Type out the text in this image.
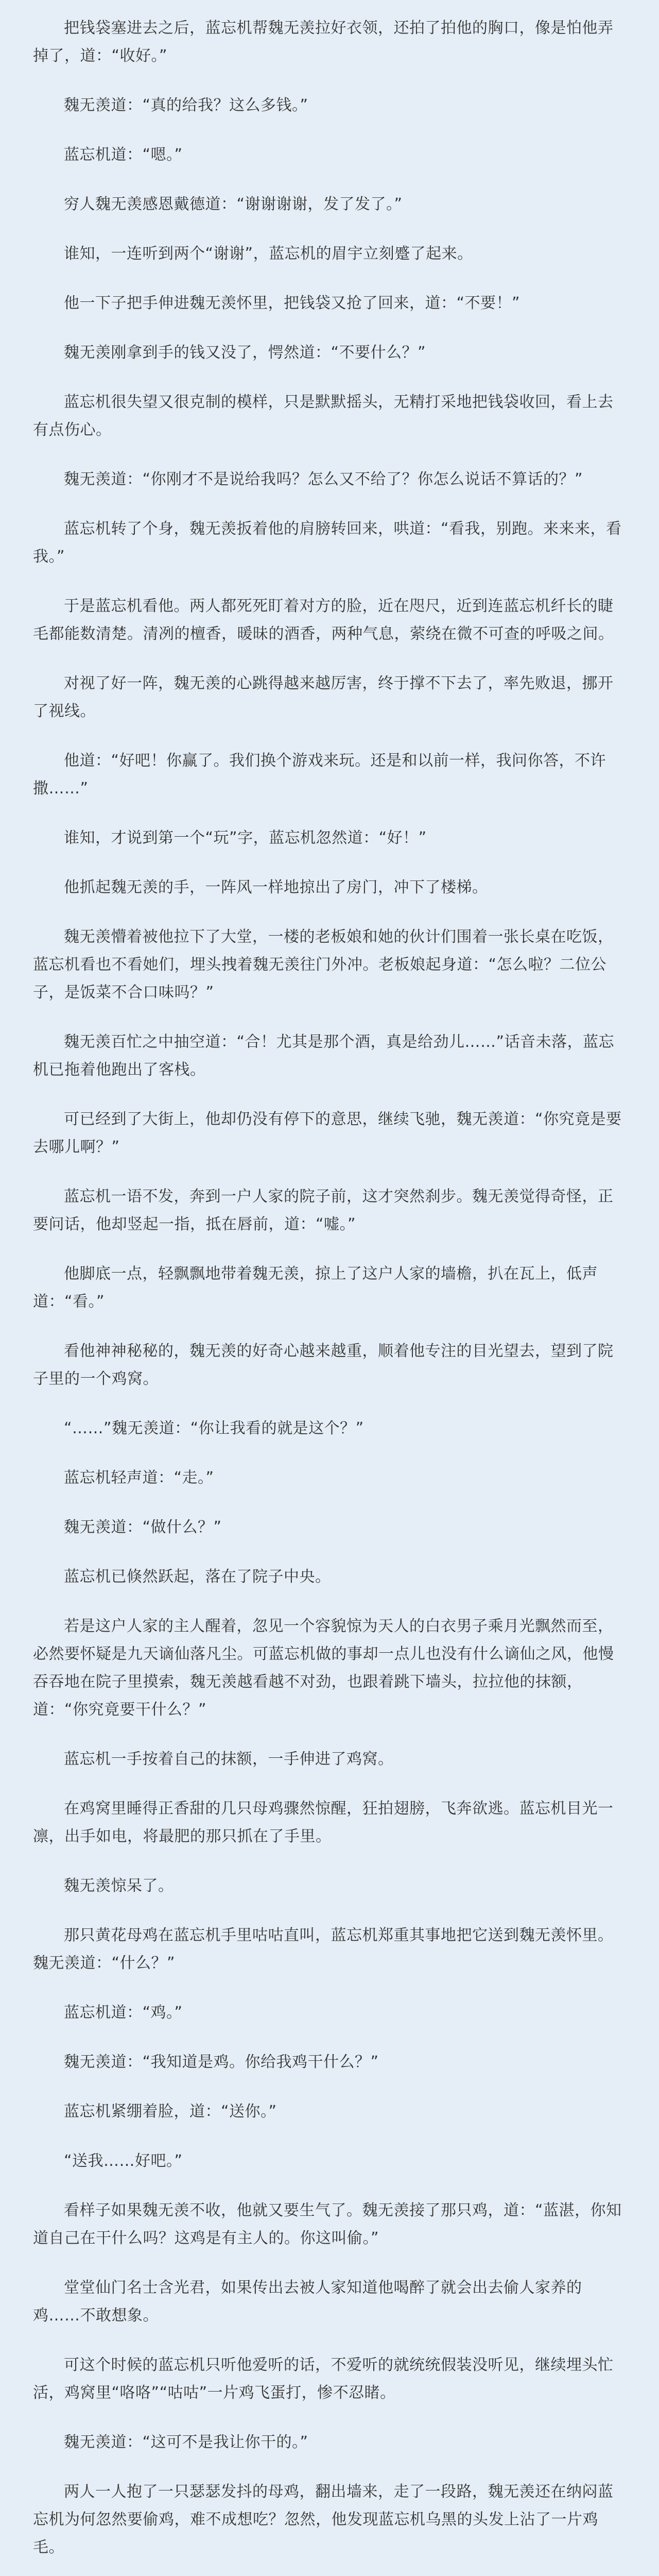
把钱袋塞进去之后，蓝忘机帮魏无羡拉好衣领，还拍了拍他的胸口，像是怕他弄掉了，道：“收好。”

魏无羡道：“真的给我？这么多钱。”

蓝忘机道：“嗯。”

穷人魏无羡感恩戴德道：“谢谢谢谢，发了发了。”

谁知，一连听到两个“谢谢”，蓝忘机的眉宇立刻蹙了起来。

他一下子把手伸进魏无羡怀里，把钱袋又抢了回来，道：“不要！”

魏无羡刚拿到手的钱又没了，愕然道：“不要什么？”

蓝忘机很失望又很克制的模样，只是默默摇头，无精打采地把钱袋收回，看上去有点伤心。

魏无羡道：“你刚才不是说给我吗？怎么又不给了？你怎么说话不算话的？”

蓝忘机转了个身，魏无羡扳着他的肩膀转回来，哄道：“看我，别跑。来来来，看我。”

于是蓝忘机看他。两人都死死盯着对方的脸，近在咫尺，近到连蓝忘机纤长的睫毛都能数清楚。清冽的檀香，暖昧的酒香，两种气息，萦绕在微不可查的呼吸之间。

对视了好一阵，魏无羡的心跳得越来越厉害，终于撑不下去了，率先败退，挪开了视线。

他道：“好吧！你赢了。我们换个游戏来玩。还是和以前一样，我问你答，不许撒……”

谁知，才说到第一个“玩”字，蓝忘机忽然道：“好！”

他抓起魏无羡的手，一阵风一样地掠出了房门，冲下了楼梯。

魏无羡懵着被他拉下了大堂，一楼的老板娘和她的伙计们围着一张长桌在吃饭，蓝忘机看也不看她们，埋头拽着魏无羡往门外冲。老板娘起身道：“怎么啦？二位公子，是饭菜不合口味吗？”

魏无羡百忙之中抽空道：“合！尤其是那个酒，真是给劲儿……”话音未落，蓝忘机已拖着他跑出了客栈。

可已经到了大街上，他却仍没有停下的意思，继续飞驰，魏无羡道：“你究竟是要去哪儿啊？”

蓝忘机一语不发，奔到一户人家的院子前，这才突然刹步。魏无羡觉得奇怪，正要问话，他却竖起一指，抵在唇前，道：“嘘。”

他脚底一点，轻飘飘地带着魏无羡，掠上了这户人家的墙檐，扒在瓦上，低声道：“看。”

看他神神秘秘的，魏无羡的好奇心越来越重，顺着他专注的目光望去，望到了院子里的一个鸡窝。

“……”魏无羡道：“你让我看的就是这个？”

蓝忘机轻声道：“走。”

魏无羡道：“做什么？”

蓝忘机已倏然跃起，落在了院子中央。

若是这户人家的主人醒着，忽见一个容貌惊为天人的白衣男子乘月光飘然而至，必然要怀疑是九天谪仙落凡尘。可蓝忘机做的事却一点儿也没有什么谪仙之风，他慢吞吞地在院子里摸索，魏无羡越看越不对劲，也跟着跳下墙头，拉拉他的抹额，道：“你究竟要干什么？”

蓝忘机一手按着自己的抹额，一手伸进了鸡窝。

在鸡窝里睡得正香甜的几只母鸡骤然惊醒，狂拍翅膀，飞奔欲逃。蓝忘机目光一凛，出手如电，将最肥的那只抓在了手里。

魏无羡惊呆了。

那只黄花母鸡在蓝忘机手里咕咕直叫，蓝忘机郑重其事地把它送到魏无羡怀里。魏无羡道：“什么？”

蓝忘机道：“鸡。”

魏无羡道：“我知道是鸡。你给我鸡干什么？”

蓝忘机紧绷着脸，道：“送你。”

“送我……好吧。”

看样子如果魏无羡不收，他就又要生气了。魏无羡接了那只鸡，道：“蓝湛，你知道自己在干什么吗？这鸡是有主人的。你这叫偷。”

堂堂仙门名士含光君，如果传出去被人家知道他喝醉了就会出去偷人家养的鸡……不敢想象。

可这个时候的蓝忘机只听他爱听的话，不爱听的就统统假装没听见，继续埋头忙活，鸡窝里“咯咯”“咕咕”一片鸡飞蛋打，惨不忍睹。

魏无羡道：“这可不是我让你干的。”

两人一人抱了一只瑟瑟发抖的母鸡，翻出墙来，走了一段路，魏无羡还在纳闷蓝忘机为何忽然要偷鸡，难不成想吃？忽然，他发现蓝忘机乌黑的头发上沾了一片鸡毛。
